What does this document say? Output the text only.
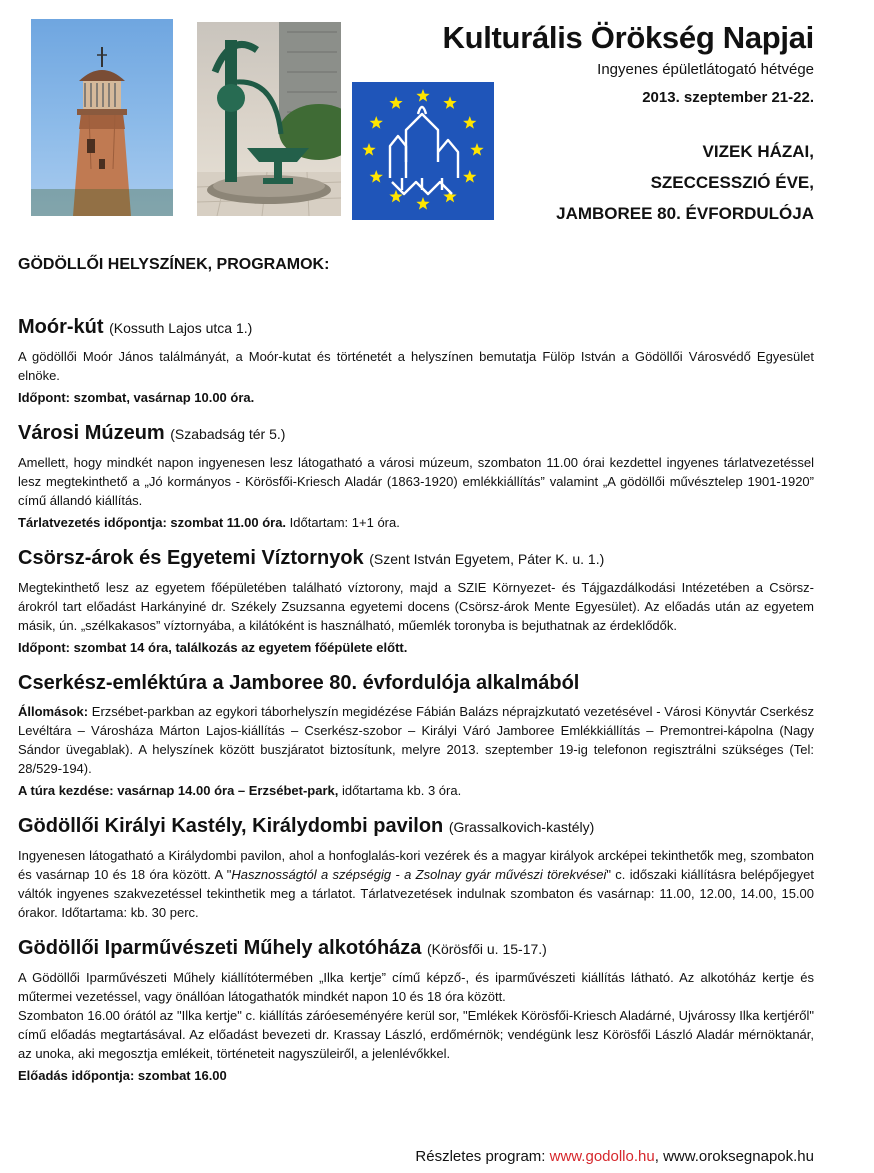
Kulturális Örökség Napjai
Ingyenes épületlátogató hétvége
2013. szeptember 21-22.
VIZEK HÁZAI,
SZECCESSZIÓ ÉVE,
JAMBOREE 80. ÉVFORDULÓJA
GÖDÖLLŐI HELYSZÍNEK, PROGRAMOK:
Moór-kút (Kossuth Lajos utca 1.)

A gödöllői Moór János találmányát, a Moór-kutat és történetét a helyszínen bemutatja Fülöp István a Gödöllői Városvédő Egyesület elnöke.

Időpont: szombat, vasárnap 10.00 óra.

Városi Múzeum (Szabadság tér 5.)

Amellett, hogy mindkét napon ingyenesen lesz látogatható a városi múzeum, szombaton 11.00 órai kezdettel ingyenes tárlatvezetéssel lesz megtekinthető a „Jó kormányos - Körösfői-Kriesch Aladár (1863-1920) emlékkiállítás” valamint „A gödöllői művésztelep 1901-1920” című állandó kiállítás.

Tárlatvezetés időpontja: szombat 11.00 óra. Időtartam: 1+1 óra.

Csörsz-árok és Egyetemi Víztornyok (Szent István Egyetem, Páter K. u. 1.)

Megtekinthető lesz az egyetem főépületében található víztorony, majd a SZIE Környezet- és Tájgazdálkodási Intézetében a Csörsz-árokról tart előadást Harkányiné dr. Székely Zsuzsanna egyetemi docens (Csörsz-árok Mente Egyesület). Az előadás után az egyetem másik, ún. „szélkakasos” víztornyába, a kilátóként is használható, műemlék toronyba is bejuthatnak az érdeklődők.

Időpont: szombat 14 óra, találkozás az egyetem főépülete előtt.

Cserkész-emléktúra a Jamboree 80. évfordulója alkalmából

Állomások: Erzsébet-parkban az egykori táborhelyszín megidézése Fábián Balázs néprajzkutató vezetésével - Városi Könyvtár Cserkész Levéltára – Városháza Márton Lajos-kiállítás – Cserkész-szobor – Királyi Váró Jamboree Emlékkiállítás – Premontrei-kápolna (Nagy Sándor üvegablak). A helyszínek között buszjáratot biztosítunk, melyre 2013. szeptember 19-ig telefonon regisztrálni szükséges (Tel: 28/529-194).

A túra kezdése: vasárnap 14.00 óra – Erzsébet-park, időtartama kb. 3 óra.

Gödöllői Királyi Kastély, Királydombi pavilon (Grassalkovich-kastély)

Ingyenesen látogatható a Királydombi pavilon, ahol a honfoglalás-kori vezérek és a magyar királyok arcképei tekinthetők meg, szombaton és vasárnap 10 és 18 óra között. A "Hasznosságtól a szépségig - a Zsolnay gyár művészi törekvései" c. időszaki kiállításra belépőjegyet váltók ingyenes szakvezetéssel tekinthetik meg a tárlatot. Tárlatvezetések indulnak szombaton és vasárnap: 11.00, 12.00, 14.00, 15.00 órakor. Időtartama: kb. 30 perc.

Gödöllői Iparművészeti Műhely alkotóháza (Körösfői u. 15-17.)

A Gödöllői Iparművészeti Műhely kiállítótermében „Ilka kertje” című képző-, és iparművészeti kiállítás látható. Az alkotóház kertje és műtermei vezetéssel, vagy önállóan látogathatók mindkét napon 10 és 18 óra között.

Szombaton 16.00 órától az "Ilka kertje" c. kiállítás záróeseményére kerül sor, "Emlékek Körösfői-Kriesch Aladárné, Ujvárossy Ilka kertjéről" című előadás megtartásával. Az előadást bevezeti dr. Krassay László, erdőmérnök; vendégünk lesz Körösfői László Aladár mérnöktanár, az unoka, aki megosztja emlékeit, történeteit nagyszüleiről, a jelenlévőkkel.

Előadás időpontja: szombat 16.00

Részletes program: www.godollo.hu, www.oroksegnapok.hu
